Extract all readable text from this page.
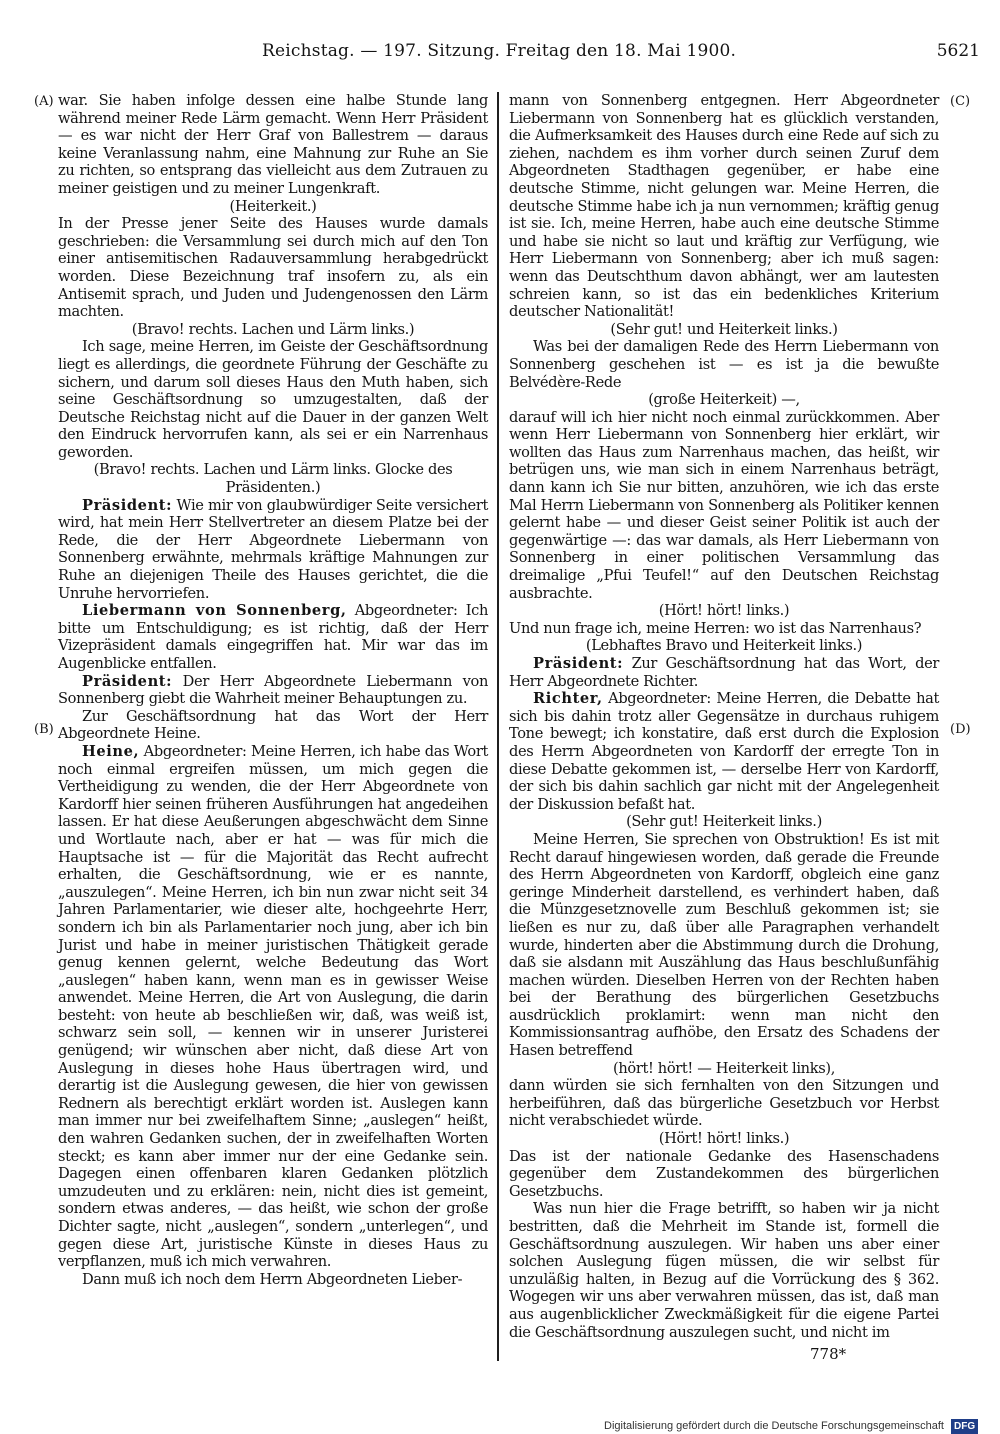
Reichstag. — 197. Sitzung. Freitag den 18. Mai 1900.	5621
(A)
(B)
(C)
(D)

war. Sie haben infolge dessen eine halbe Stunde lang während meiner Rede Lärm gemacht. Wenn Herr Präsident — es war nicht der Herr Graf von Ballestrem — daraus keine Veranlassung nahm, eine Mahnung zur Ruhe an Sie zu richten, so entsprang das vielleicht aus dem Zutrauen zu meiner geistigen und zu meiner Lungenkraft.

(Heiterkeit.)

In der Presse jener Seite des Hauses wurde damals geschrieben: die Versammlung sei durch mich auf den Ton einer antisemitischen Radauversammlung herabgedrückt worden. Diese Bezeichnung traf insofern zu, als ein Antisemit sprach, und Juden und Judengenossen den Lärm machten.

(Bravo! rechts. Lachen und Lärm links.)

Ich sage, meine Herren, im Geiste der Geschäftsordnung liegt es allerdings, die geordnete Führung der Geschäfte zu sichern, und darum soll dieses Haus den Muth haben, sich seine Geschäftsordnung so umzugestalten, daß der Deutsche Reichstag nicht auf die Dauer in der ganzen Welt den Eindruck hervorrufen kann, als sei er ein Narrenhaus geworden.

(Bravo! rechts. Lachen und Lärm links. Glocke des Präsidenten.)

Präsident: Wie mir von glaubwürdiger Seite versichert wird, hat mein Herr Stellvertreter an diesem Platze bei der Rede, die der Herr Abgeordnete Liebermann von Sonnenberg erwähnte, mehrmals kräftige Mahnungen zur Ruhe an diejenigen Theile des Hauses gerichtet, die die Unruhe hervorriefen.

Liebermann von Sonnenberg, Abgeordneter: Ich bitte um Entschuldigung; es ist richtig, daß der Herr Vizepräsident damals eingegriffen hat. Mir war das im Augenblicke entfallen.

Präsident: Der Herr Abgeordnete Liebermann von Sonnenberg giebt die Wahrheit meiner Behauptungen zu.

Zur Geschäftsordnung hat das Wort der Herr Abgeordnete Heine.

Heine, Abgeordneter: Meine Herren, ich habe das Wort noch einmal ergreifen müssen, um mich gegen die Vertheidigung zu wenden, die der Herr Abgeordnete von Kardorff hier seinen früheren Ausführungen hat angedeihen lassen. Er hat diese Aeußerungen abgeschwächt dem Sinne und Wortlaute nach, aber er hat — was für mich die Hauptsache ist — für die Majorität das Recht aufrecht erhalten, die Geschäftsordnung, wie er es nannte, „auszulegen“. Meine Herren, ich bin nun zwar nicht seit 34 Jahren Parlamentarier, wie dieser alte, hochgeehrte Herr, sondern ich bin als Parlamentarier noch jung, aber ich bin Jurist und habe in meiner juristischen Thätigkeit gerade genug kennen gelernt, welche Bedeutung das Wort „auslegen“ haben kann, wenn man es in gewisser Weise anwendet. Meine Herren, die Art von Auslegung, die darin besteht: von heute ab beschließen wir, daß, was weiß ist, schwarz sein soll, — kennen wir in unserer Juristerei genügend; wir wünschen aber nicht, daß diese Art von Auslegung in dieses hohe Haus übertragen wird, und derartig ist die Auslegung gewesen, die hier von gewissen Rednern als berechtigt erklärt worden ist. Auslegen kann man immer nur bei zweifelhaftem Sinne; „auslegen“ heißt, den wahren Gedanken suchen, der in zweifelhaften Worten steckt; es kann aber immer nur der eine Gedanke sein. Dagegen einen offenbaren klaren Gedanken plötzlich umzudeuten und zu erklären: nein, nicht dies ist gemeint, sondern etwas anderes, — das heißt, wie schon der große Dichter sagte, nicht „auslegen“, sondern „unterlegen“, und gegen diese Art, juristische Künste in dieses Haus zu verpflanzen, muß ich mich verwahren.

Dann muß ich noch dem Herrn Abgeordneten Lieber-

mann von Sonnenberg entgegnen. Herr Abgeordneter Liebermann von Sonnenberg hat es glücklich verstanden, die Aufmerksamkeit des Hauses durch eine Rede auf sich zu ziehen, nachdem es ihm vorher durch seinen Zuruf dem Abgeordneten Stadthagen gegenüber, er habe eine deutsche Stimme, nicht gelungen war. Meine Herren, die deutsche Stimme habe ich ja nun vernommen; kräftig genug ist sie. Ich, meine Herren, habe auch eine deutsche Stimme und habe sie nicht so laut und kräftig zur Verfügung, wie Herr Liebermann von Sonnenberg; aber ich muß sagen: wenn das Deutschthum davon abhängt, wer am lautesten schreien kann, so ist das ein bedenkliches Kriterium deutscher Nationalität!

(Sehr gut! und Heiterkeit links.)

Was bei der damaligen Rede des Herrn Liebermann von Sonnenberg geschehen ist — es ist ja die bewußte Belvédère-Rede

(große Heiterkeit) —,

darauf will ich hier nicht noch einmal zurückkommen. Aber wenn Herr Liebermann von Sonnenberg hier erklärt, wir wollten das Haus zum Narrenhaus machen, das heißt, wir betrügen uns, wie man sich in einem Narrenhaus beträgt, dann kann ich Sie nur bitten, anzuhören, wie ich das erste Mal Herrn Liebermann von Sonnenberg als Politiker kennen gelernt habe — und dieser Geist seiner Politik ist auch der gegenwärtige —: das war damals, als Herr Liebermann von Sonnenberg in einer politischen Versammlung das dreimalige „Pfui Teufel!“ auf den Deutschen Reichstag ausbrachte.

(Hört! hört! links.)

Und nun frage ich, meine Herren: wo ist das Narrenhaus?

(Lebhaftes Bravo und Heiterkeit links.)

Präsident: Zur Geschäftsordnung hat das Wort, der Herr Abgeordnete Richter.

Richter, Abgeordneter: Meine Herren, die Debatte hat sich bis dahin trotz aller Gegensätze in durchaus ruhigem Tone bewegt; ich konstatire, daß erst durch die Explosion des Herrn Abgeordneten von Kardorff der erregte Ton in diese Debatte gekommen ist, — derselbe Herr von Kardorff, der sich bis dahin sachlich gar nicht mit der Angelegenheit der Diskussion befaßt hat.

(Sehr gut! Heiterkeit links.)

Meine Herren, Sie sprechen von Obstruktion! Es ist mit Recht darauf hingewiesen worden, daß gerade die Freunde des Herrn Abgeordneten von Kardorff, obgleich eine ganz geringe Minderheit darstellend, es verhindert haben, daß die Münzgesetznovelle zum Beschluß gekommen ist; sie ließen es nur zu, daß über alle Paragraphen verhandelt wurde, hinderten aber die Abstimmung durch die Drohung, daß sie alsdann mit Auszählung das Haus beschlußunfähig machen würden. Dieselben Herren von der Rechten haben bei der Berathung des bürgerlichen Gesetzbuchs ausdrücklich proklamirt: wenn man nicht den Kommissionsantrag aufhöbe, den Ersatz des Schadens der Hasen betreffend

(hört! hört! — Heiterkeit links),

dann würden sie sich fernhalten von den Sitzungen und herbeiführen, daß das bürgerliche Gesetzbuch vor Herbst nicht verabschiedet würde.

(Hört! hört! links.)

Das ist der nationale Gedanke des Hasenschadens gegenüber dem Zustandekommen des bürgerlichen Gesetzbuchs.

Was nun hier die Frage betrifft, so haben wir ja nicht bestritten, daß die Mehrheit im Stande ist, formell die Geschäftsordnung auszulegen. Wir haben uns aber einer solchen Auslegung fügen müssen, die wir selbst für unzuläßig halten, in Bezug auf die Vorrückung des § 362. Wogegen wir uns aber verwahren müssen, das ist, daß man aus augenblicklicher Zweckmäßigkeit für die eigene Partei die Geschäftsordnung auszulegen sucht, und nicht im

778*
Digitalisierung gefördert durch die Deutsche Forschungsgemeinschaft DFG
